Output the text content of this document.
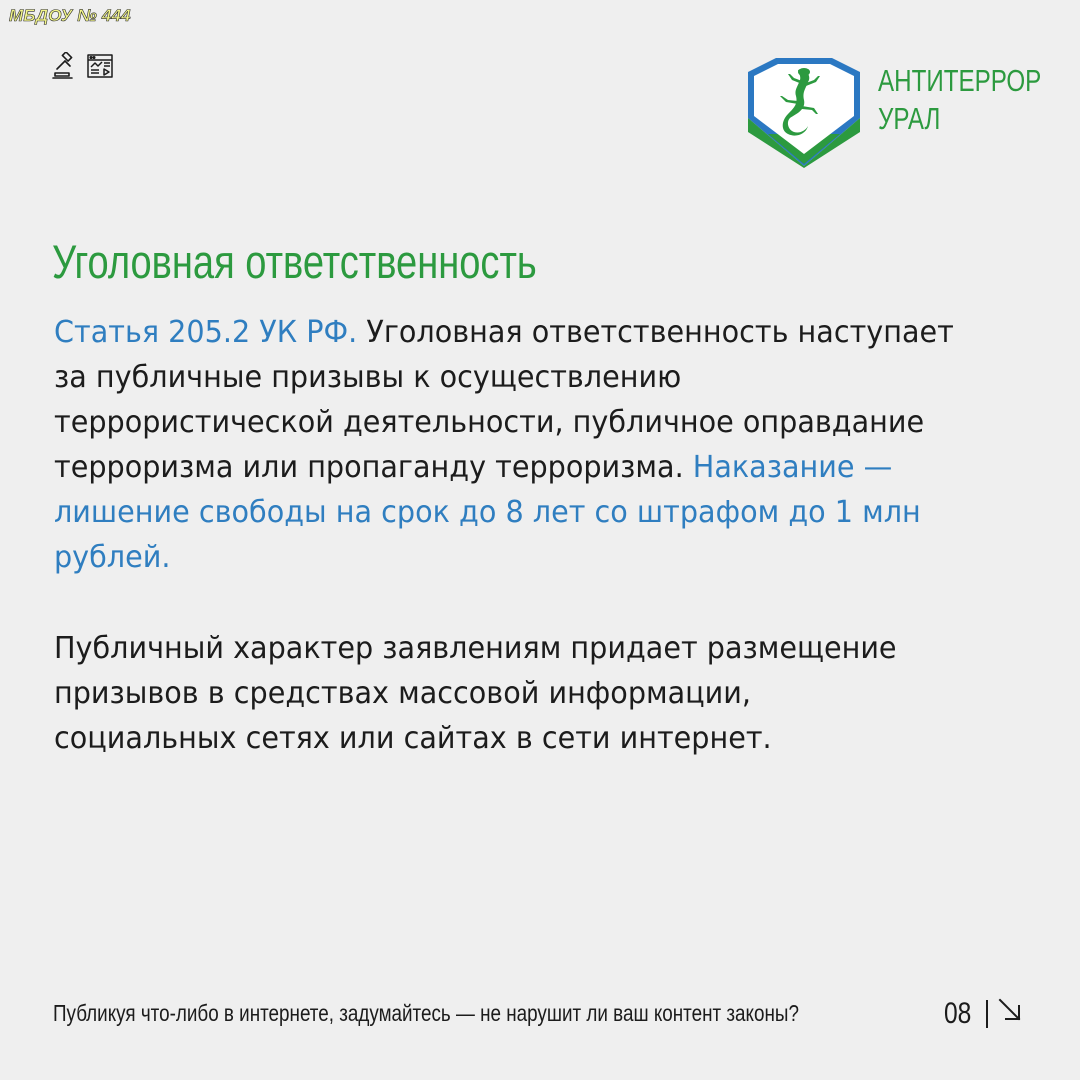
МБДОУ № 444
АНТИТЕРРОР
УРАЛ
Уголовная ответственность
Статья 205.2 УК РФ. Уголовная ответственность наступает
за публичные призывы к осуществлению
террористической деятельности, публичное оправдание
терроризма или пропаганду терроризма. Наказание —
лишение свободы на срок до 8 лет со штрафом до 1 млн
рублей.
Публичный характер заявлениям придает размещение
призывов в средствах массовой информации,
социальных сетях или сайтах в сети интернет.
Публикуя что-либо в интернете, задумайтесь — не нарушит ли ваш контент законы?	08
